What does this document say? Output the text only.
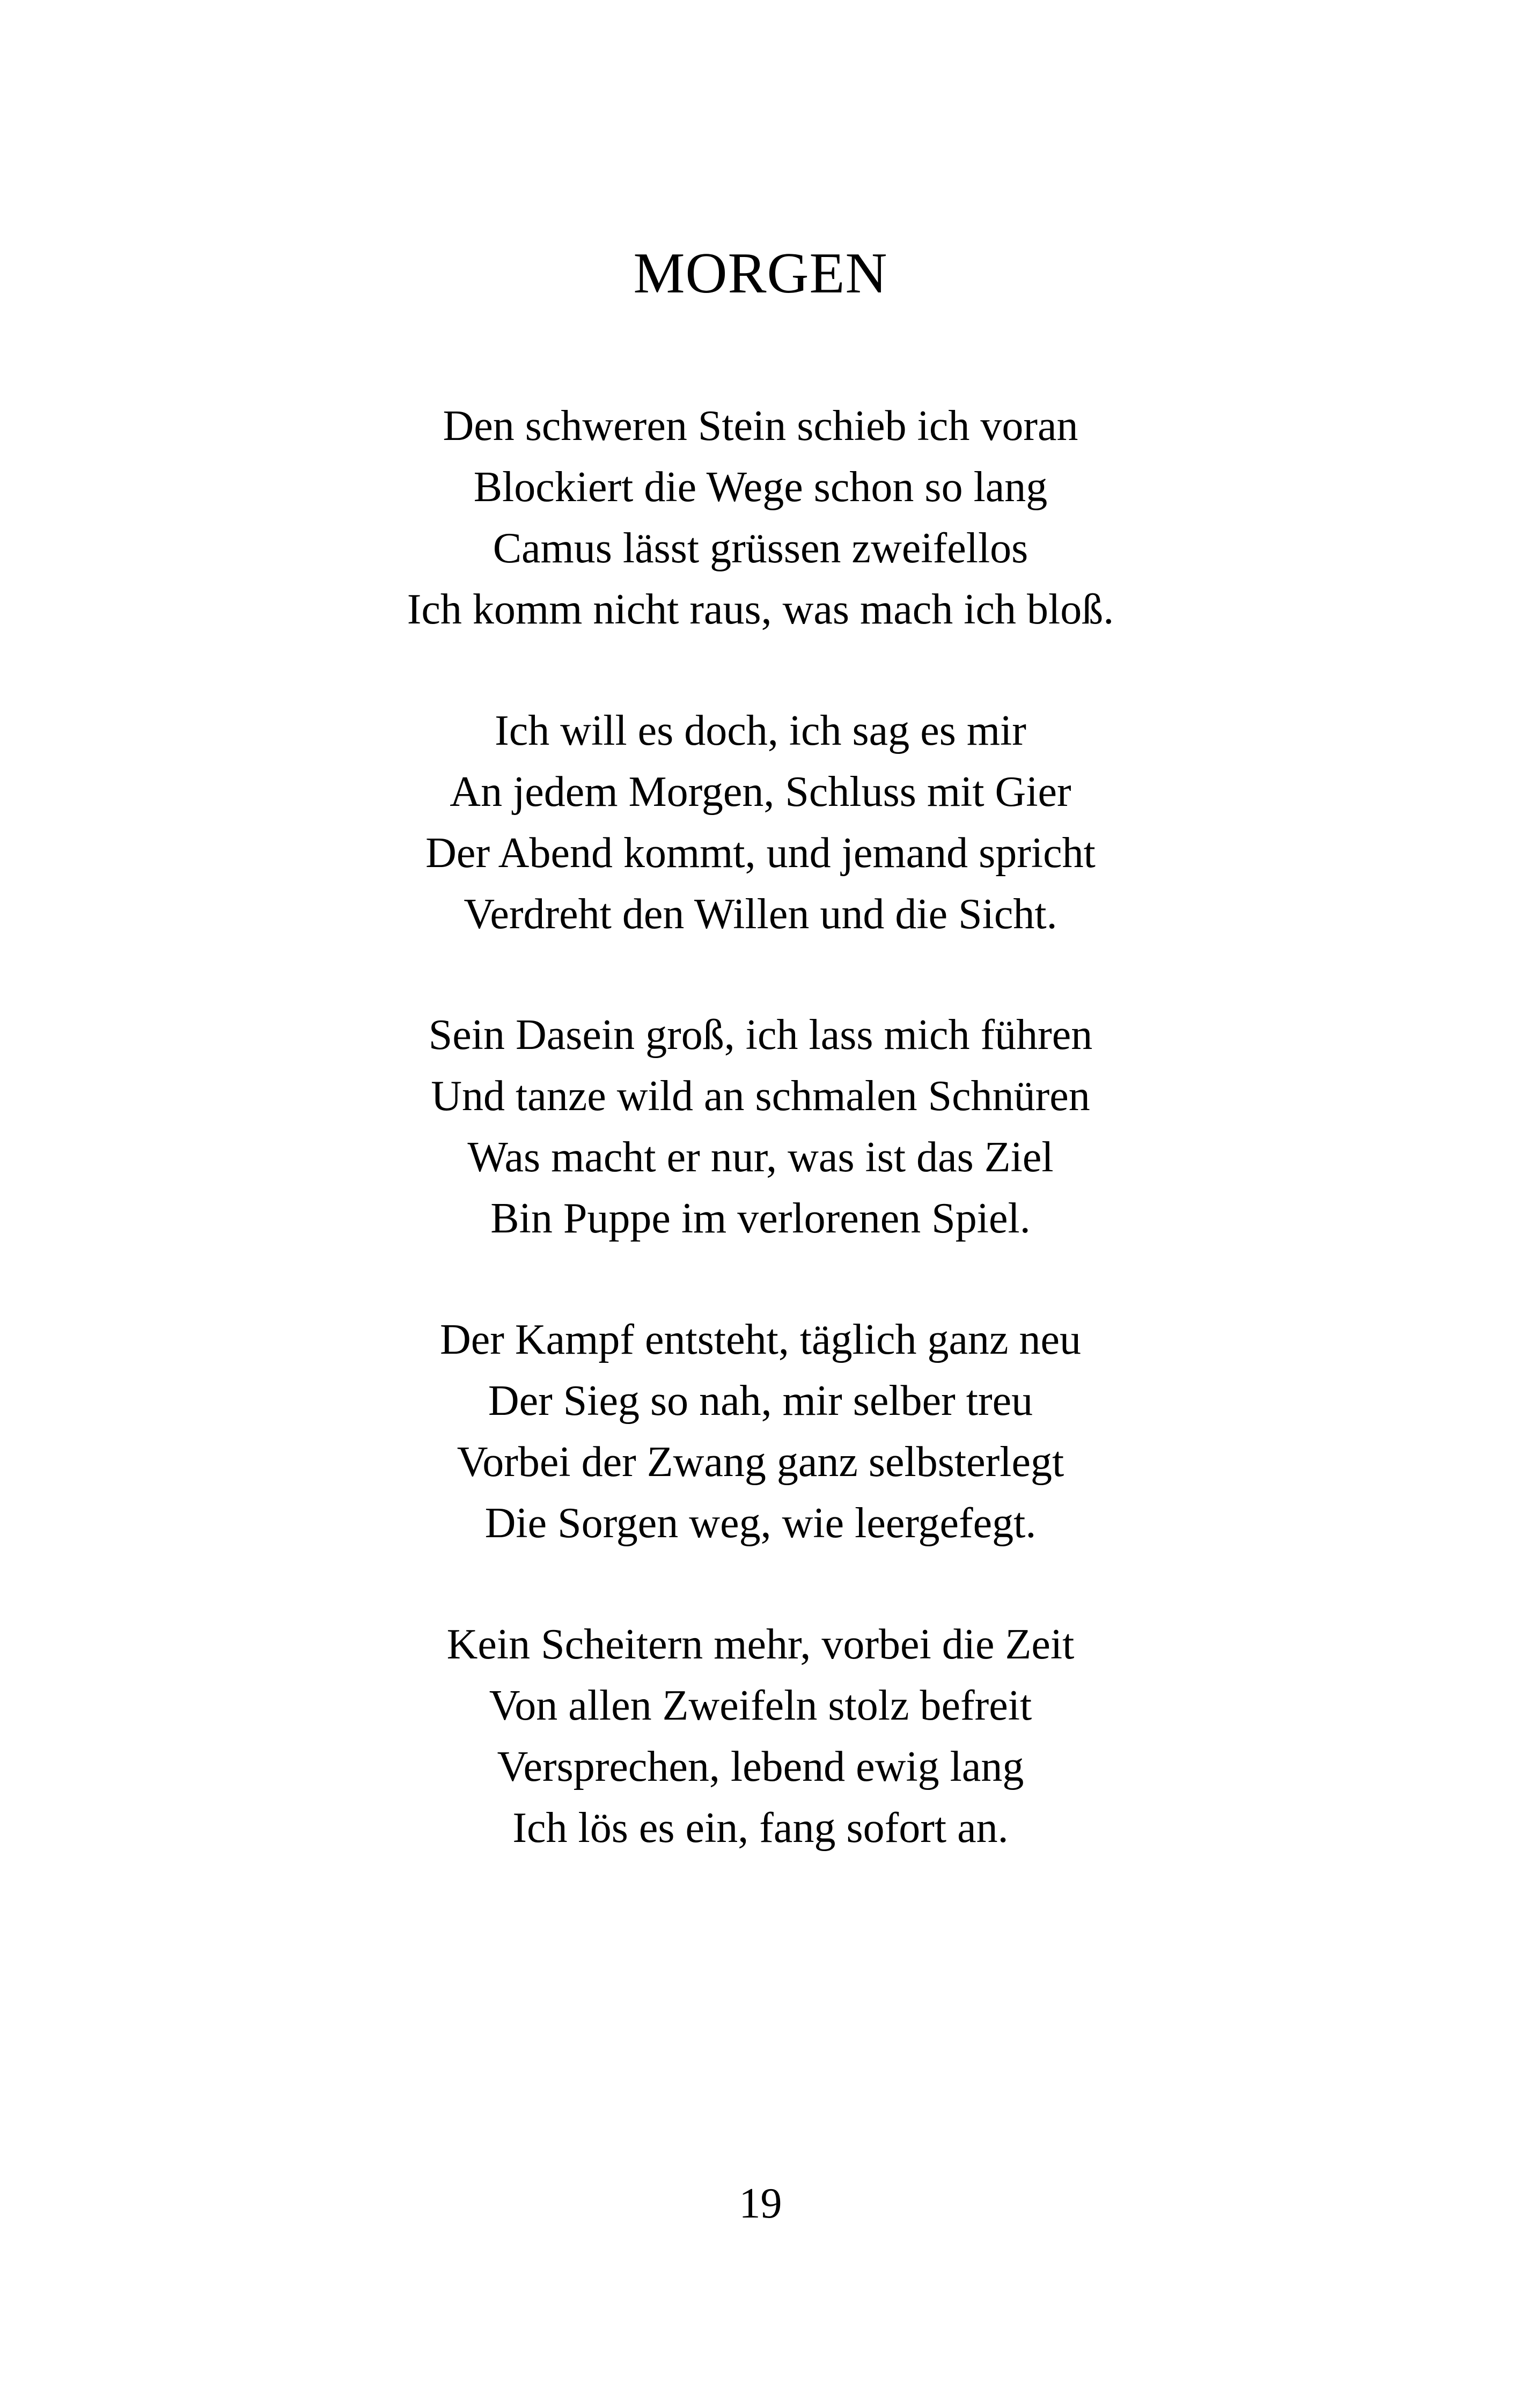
MORGEN
Den schweren Stein schieb ich voran
Blockiert die Wege schon so lang
Camus lässt grüssen zweifellos
Ich komm nicht raus, was mach ich bloß.
Ich will es doch, ich sag es mir
An jedem Morgen, Schluss mit Gier
Der Abend kommt, und jemand spricht
Verdreht den Willen und die Sicht.
Sein Dasein groß, ich lass mich führen
Und tanze wild an schmalen Schnüren
Was macht er nur, was ist das Ziel
Bin Puppe im verlorenen Spiel.
Der Kampf entsteht, täglich ganz neu
Der Sieg so nah, mir selber treu
Vorbei der Zwang ganz selbsterlegt
Die Sorgen weg, wie leergefegt.
Kein Scheitern mehr, vorbei die Zeit
Von allen Zweifeln stolz befreit
Versprechen, lebend ewig lang
Ich lös es ein, fang sofort an.
19
